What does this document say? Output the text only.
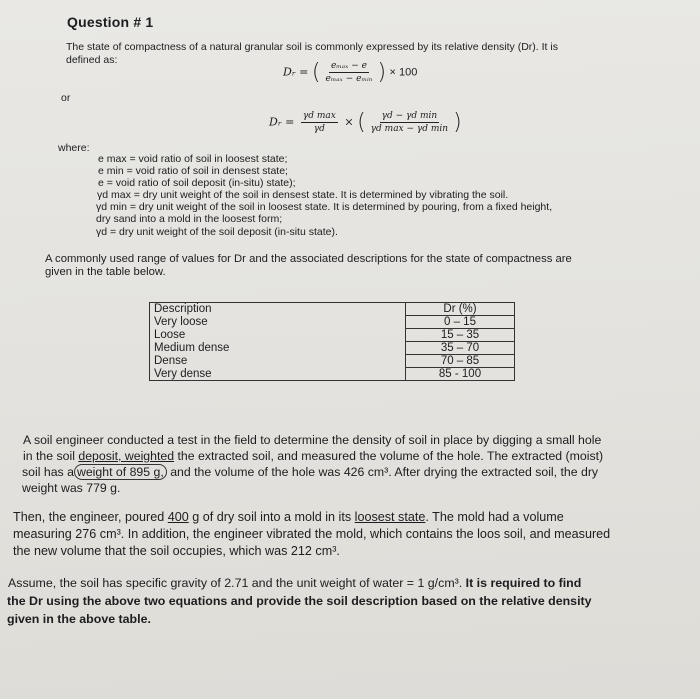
Question # 1
The state of compactness of a natural granular soil is commonly expressed by its relative density (Dr). It is
defined as:
Dᵣ = ( $\frac{\text{eₘₐₓ − e}}{\text{eₘₐₓ − eₘᵢₙ}}$ ) × 100
or
Dᵣ = $\frac{\text{γd max}}{\gamma d}$ × ( $\frac{\text{γd − γd min}}{\text{γd max − γd min}}$ )
where:
e max = void ratio of soil in loosest state;
e min = void ratio of soil in densest state;
e = void ratio of soil deposit (in-situ) state);
γd max = dry unit weight of the soil in densest state. It is determined by vibrating the soil.
γd min = dry unit weight of the soil in loosest state. It is determined by pouring, from a fixed height,
dry sand into a mold in the loosest form;
γd = dry unit weight of the soil deposit (in-situ state).
A commonly used range of values for Dr and the associated descriptions for the state of compactness are
given in the table below.
Description	Dr (%)
Very loose	0 – 15
Loose	15 – 35
Medium dense	35 – 70
Dense	70 – 85
Very dense	85 - 100
A soil engineer conducted a test in the field to determine the density of soil in place by digging a small hole
in the soil deposit, weighted the extracted soil, and measured the volume of the hole. The extracted (moist)
soil has a weight of 895 g, and the volume of the hole was 426 cm³. After drying the extracted soil, the dry
weight was 779 g.
Then, the engineer, poured 400 g of dry soil into a mold in its loosest state. The mold had a volume
measuring 276 cm³. In addition, the engineer vibrated the mold, which contains the loos soil, and measured
the new volume that the soil occupies, which was 212 cm³.
Assume, the soil has specific gravity of 2.71 and the unit weight of water = 1 g/cm³. It is required to find
the Dr using the above two equations and provide the soil description based on the relative density
given in the above table.
